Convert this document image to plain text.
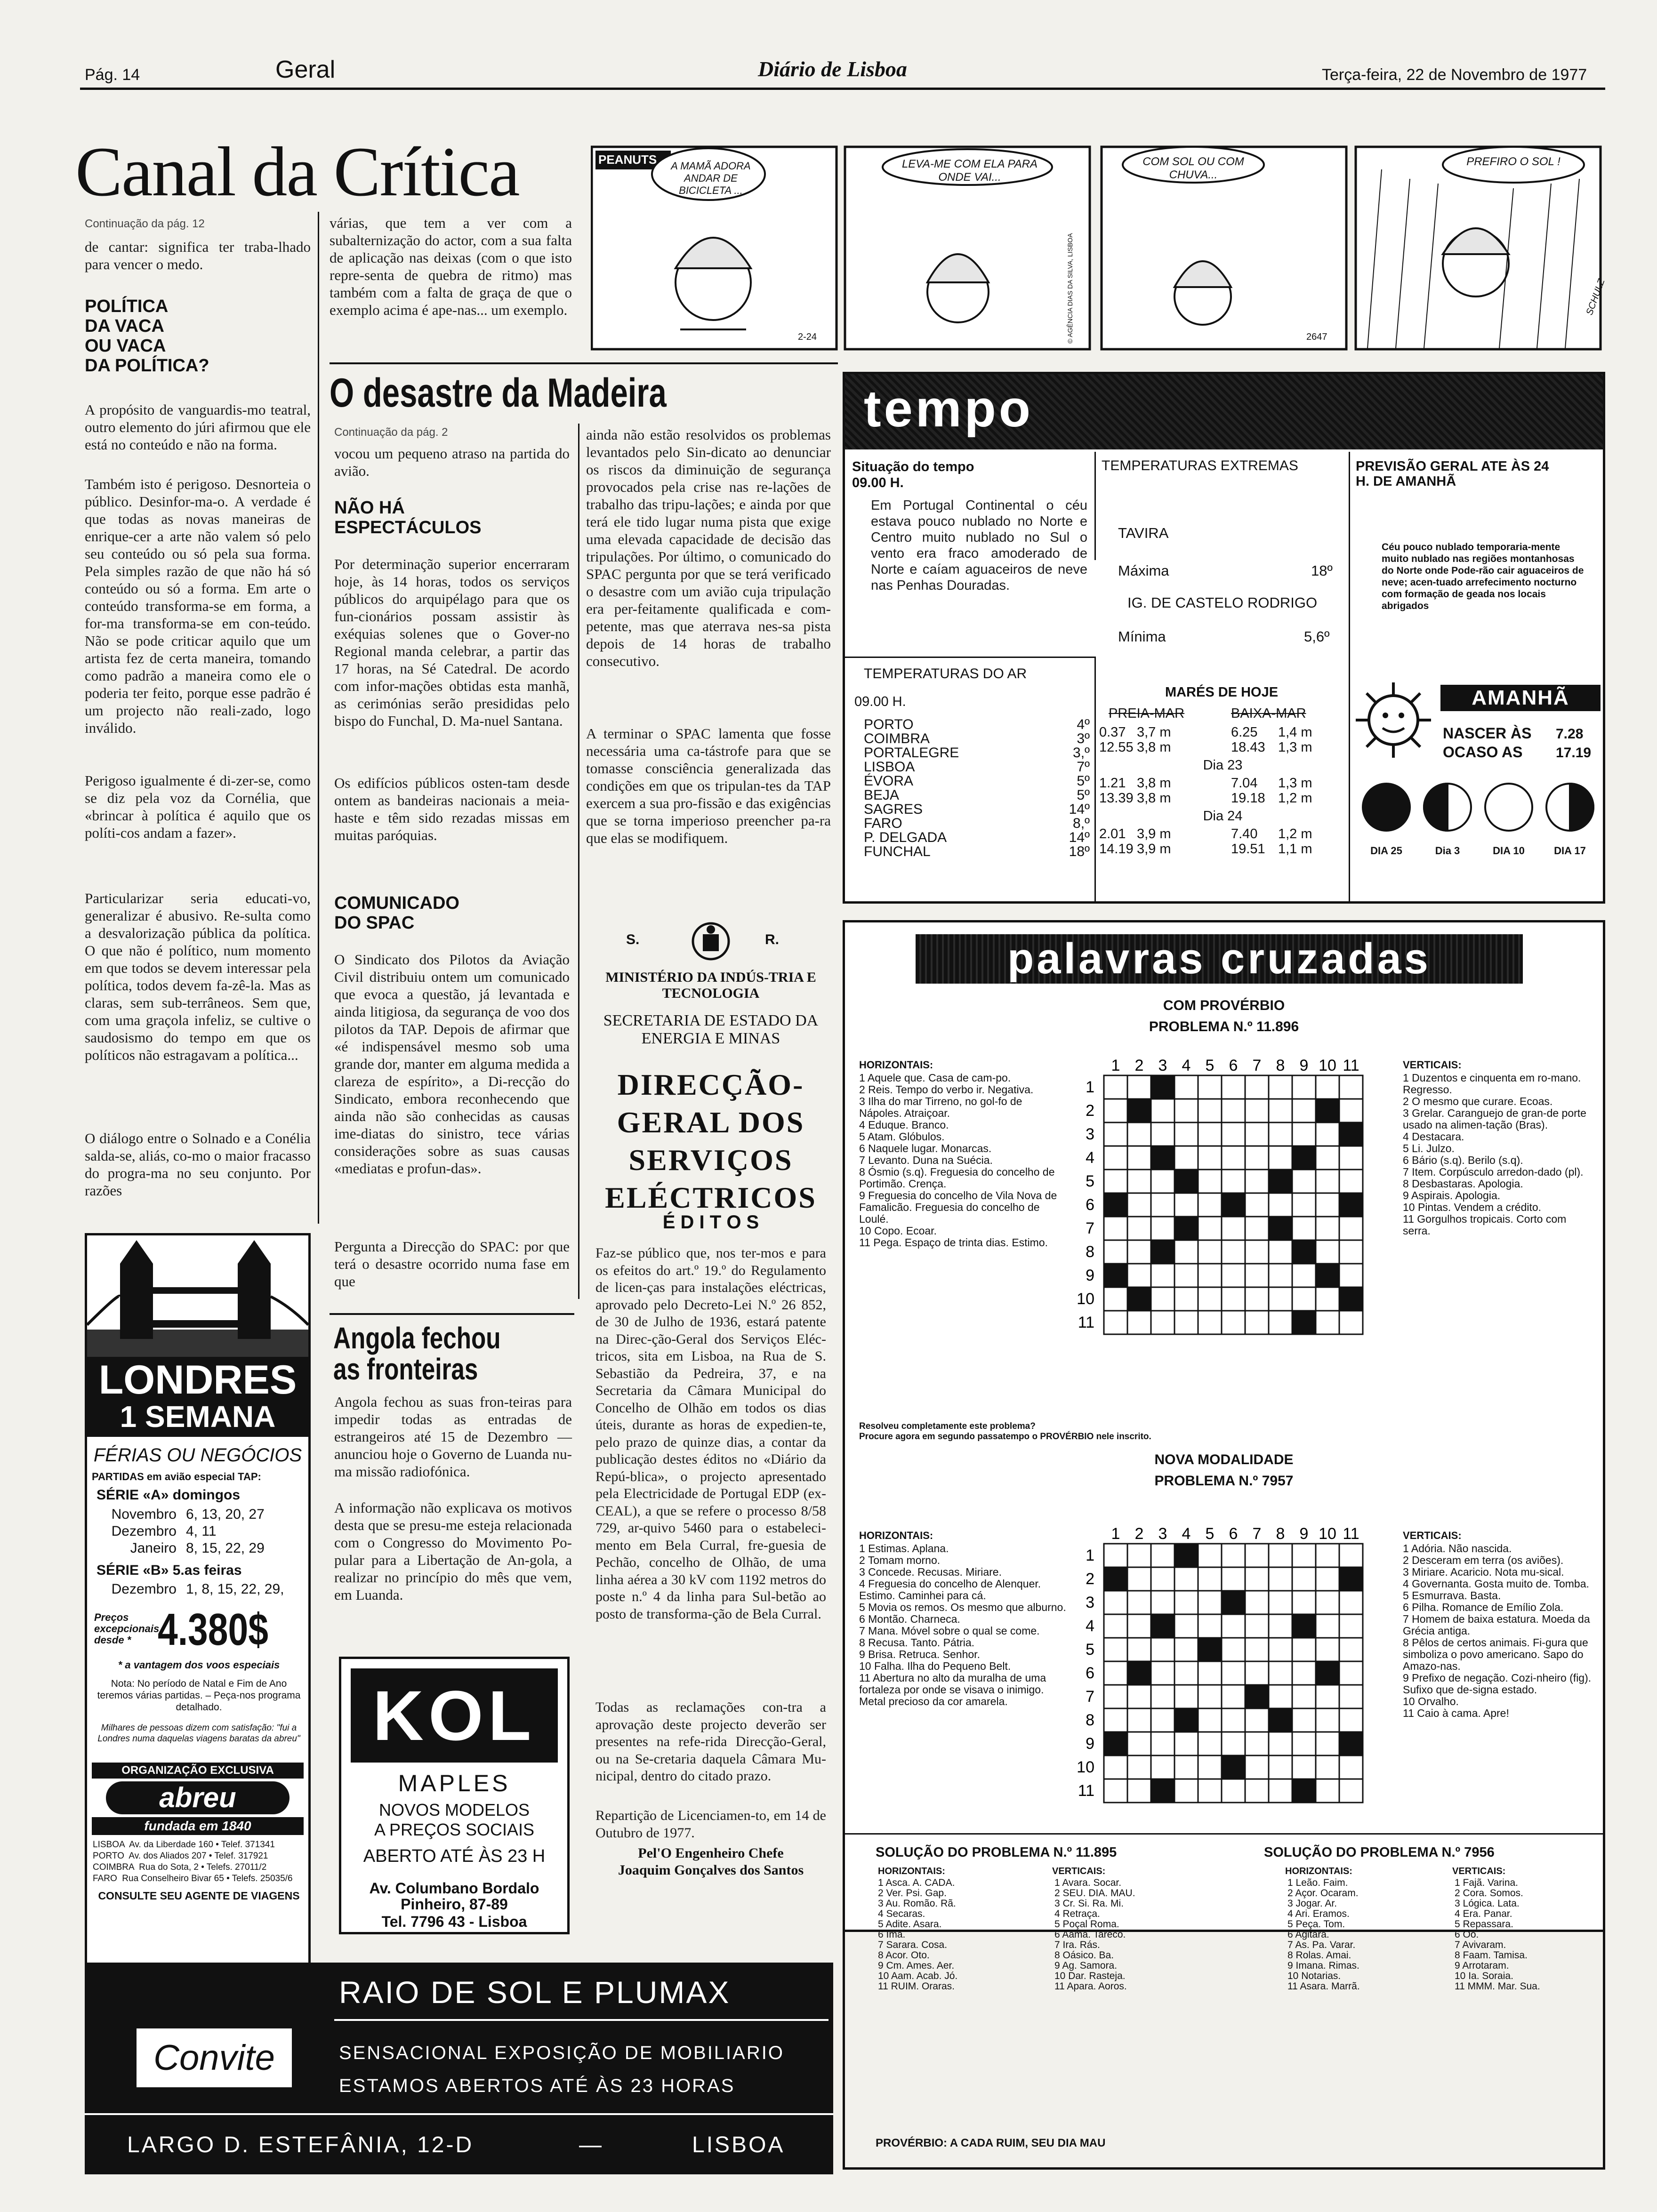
Pág. 14	Geral	Diário de Lisboa	Terça-feira, 22 de Novembro de 1977
Canal da Crítica
Continuação da pág. 12
de cantar: significa ter traba-lhado para vencer o medo.
POLÍTICA
DA VACA
OU VACA
DA POLÍTICA?
A propósito de vanguardis-mo teatral, outro elemento do júri afirmou que ele está no conteúdo e não na forma.
Também isto é perigoso. Desnorteia o público. Desinfor-ma-o. A verdade é que todas as novas maneiras de enrique-cer a arte não valem só pelo seu conteúdo ou só pela sua forma. Pela simples razão de que não há só conteúdo ou só a forma. Em arte o conteúdo transforma-se em forma, a for-ma transforma-se em con-teúdo. Não se pode criticar aquilo que um artista fez de certa maneira, tomando como padrão a maneira como ele o poderia ter feito, porque esse padrão é um projecto não reali-zado, logo inválido.
Perigoso igualmente é di-zer-se, como se diz pela voz da Cornélia, que «brincar à política é aquilo que os políti-cos andam a fazer».
Particularizar seria educati-vo, generalizar é abusivo. Re-sulta como a desvalorização pública da política. O que não é político, num momento em que todos se devem interessar pela política, todos devem fa-zê-la. Mas as claras, sem sub-terrâneos. Sem que, com uma graçola infeliz, se cultive o saudosismo do tempo em que os políticos não estragavam a política...
O diálogo entre o Solnado e a Conélia salda-se, aliás, co-mo o maior fracasso do progra-ma no seu conjunto. Por razões
várias, que tem a ver com a subalternização do actor, com a sua falta de aplicação nas deixas (com o que isto repre-senta de quebra de ritmo) mas também com a falta de graça de que o exemplo acima é ape-nas... um exemplo.
PEANUTS	A MAMÃ ADORA ANDAR DE BICICLETA ...
LEVA-ME COM ELA PARA ONDE VAI...
COM SOL OU COM CHUVA...
PREFIRO O SOL !
© AGÊNCIA DIAS DA SILVA, LISBOA
2-24	2647
SCHULZ
O desastre da Madeira
Continuação da pág. 2
vocou um pequeno atraso na partida do avião.
NÃO HÁ
ESPECTÁCULOS
Por determinação superior encerraram hoje, às 14 horas, todos os serviços públicos do arquipélago para que os fun-cionários possam assistir às exéquias solenes que o Gover-no Regional manda celebrar, a partir das 17 horas, na Sé Catedral. De acordo com infor-mações obtidas esta manhã, as cerimónias serão presididas pelo bispo do Funchal, D. Ma-nuel Santana.
Os edifícios públicos osten-tam desde ontem as bandeiras nacionais a meia-haste e têm sido rezadas missas em muitas paróquias.
COMUNICADO
DO SPAC
O Sindicato dos Pilotos da Aviação Civil distribuiu ontem um comunicado que evoca a questão, já levantada e ainda litigiosa, da segurança de voo dos pilotos da TAP. Depois de afirmar que «é indispensável mesmo sob uma grande dor, manter em alguma medida a clareza de espírito», a Di-recção do Sindicato, embora reconhecendo que ainda não são conhecidas as causas ime-diatas do sinistro, tece várias considerações sobre as suas causas «mediatas e profun-das».
Pergunta a Direcção do SPAC: por que terá o desastre ocorrido numa fase em que
ainda não estão resolvidos os problemas levantados pelo Sin-dicato ao denunciar os riscos da diminuição de segurança provocados pela crise nas re-lações de trabalho das tripu-lações; e ainda por que terá ele tido lugar numa pista que exige uma elevada capacidade de decisão das tripulações. Por último, o comunicado do SPAC pergunta por que se terá verificado o desastre com um avião cuja tripulação era per-feitamente qualificada e com-petente, mas que aterrava nes-sa pista depois de 14 horas de trabalho consecutivo.
A terminar o SPAC lamenta que fosse necessária uma ca-tástrofe para que se tomasse consciência generalizada das condições em que os tripulan-tes da TAP exercem a sua pro-fissão e das exigências que se torna imperioso preencher pa-ra que elas se modifiquem.
Angola fechou
as fronteiras
Angola fechou as suas fron-teiras para impedir todas as entradas de estrangeiros até 15 de Dezembro — anunciou hoje o Governo de Luanda nu-ma missão radiofónica.
A informação não explicava os motivos desta que se presu-me esteja relacionada com o Congresso do Movimento Po-pular para a Libertação de An-gola, a realizar no princípio do mês que vem, em Luanda.
KOL
MAPLES
NOVOS MODELOS
A PREÇOS SOCIAIS
ABERTO ATÉ ÀS 23 H
Av. Columbano Bordalo Pinheiro, 87-89
Tel. 7796 43 - Lisboa
S.	R.
MINISTÉRIO DA INDÚS-TRIA E TECNOLOGIA
SECRETARIA DE ESTADO DA ENERGIA E MINAS
DIRECÇÃO-GERAL DOS SERVIÇOS ELÉCTRICOS
É D I T O S
Faz-se público que, nos ter-mos e para os efeitos do art.º 19.º do Regulamento de licen-ças para instalações eléctricas, aprovado pelo Decreto-Lei N.º 26 852, de 30 de Julho de 1936, estará patente na Direc-ção-Geral dos Serviços Eléc-tricos, sita em Lisboa, na Rua de S. Sebastião da Pedreira, 37, e na Secretaria da Câmara Municipal do Concelho de Olhão em todos os dias úteis, durante as horas de expedien-te, pelo prazo de quinze dias, a contar da publicação destes éditos no «Diário da Repú-blica», o projecto apresentado pela Electricidade de Portugal EDP (ex-CEAL), a que se refere o processo 8/58 729, ar-quivo 5460 para o estabeleci-mento em Bela Curral, fre-guesia de Pechão, concelho de Olhão, de uma linha aérea a 30 kV com 1192 metros do poste n.º 4 da linha para Sul-betão ao posto de transforma-ção de Bela Curral.
Todas as reclamações con-tra a aprovação deste projecto deverão ser presentes na refe-rida Direcção-Geral, ou na Se-cretaria daquela Câmara Mu-nicipal, dentro do citado prazo.
Repartição de Licenciamen-to, em 14 de Outubro de 1977.
Pel'O Engenheiro Chefe
Joaquim Gonçalves dos Santos
LONDRES
1 SEMANA
FÉRIAS OU NEGÓCIOS
PARTIDAS em avião especial TAP:
SÉRIE «A» domingos
Novembro 6, 13, 20, 27
Dezembro 4, 11
Janeiro 8, 15, 22, 29
SÉRIE «B» 5.as feiras
Dezembro 1, 8, 15, 22, 29,
Preços excepcionais desde * 4.380$
* a vantagem dos voos especiais
Nota: No período de Natal e Fim de Ano teremos várias partidas. – Peça-nos programa detalhado.
Milhares de pessoas dizem com satisfação: "fui a Londres numa daquelas viagens baratas da abreu"
ORGANIZAÇÃO EXCLUSIVA
abreu
fundada em 1840
LISBOA  Av. da Liberdade 160 • Telef. 371341
PORTO  Av. dos Aliados 207 • Telef. 317921
COIMBRA  Rua do Sota, 2 • Telefs. 27011/2
FARO  Rua Conselheiro Bivar 65 • Telefs. 25035/6
CONSULTE SEU AGENTE DE VIAGENS
tempo
Situação do tempo
09.00 H.
Em Portugal Continental o céu estava pouco nublado no Norte e Centro muito nublado no Sul o vento era fraco amoderado de Norte e caíam aguaceiros de neve nas Penhas Douradas.
TEMPERATURAS EXTREMAS
TAVIRA
Máxima	18º
IG. DE CASTELO RODRIGO
Mínima	5,6º
PREVISÃO GERAL ATE ÀS 24 H. DE AMANHÃ
Céu pouco nublado temporaria-mente muito nublado nas regiões montanhosas do Norte onde Pode-rão cair aguaceiros de neve; acen-tuado arrefecimento nocturno com formação de geada nos locais abrigados
TEMPERATURAS DO AR
09.00 H.
PORTO	4º
COIMBRA	3º
PORTALEGRE	3,º
LISBOA	7º
ÉVORA	5º
BEJA	5º
SAGRES	14º
FARO	8,º
P. DELGADA	14º
FUNCHAL	18º
MARÉS DE HOJE
PREIA-MAR	BAIXA-MAR
0.37 3,7 m	6.25 1,4 m
12.55 3,8 m	18.43 1,3 m
Dia 23
1.21 3,8 m	7.04 1,3 m
13.39 3,8 m	19.18 1,2 m
Dia 24
2.01 3,9 m	7.40 1,2 m
14.19 3,9 m	19.51 1,1 m
AMANHÃ
NASCER ÀS 7.28
OCASO AS 17.19
DIA 25	Dia 3	DIA 10	DIA 17
palavras cruzadas
COM PROVÉRBIO
PROBLEMA N.º 11.896
HORIZONTAIS:
1 Aquele que. Casa de cam-po.
2 Reis. Tempo do verbo ir. Negativa.
3 Ilha do mar Tirreno, no gol-fo de Nápoles. Atraiçoar.
4 Eduque. Branco.
5 Atam. Glóbulos.
6 Naquele lugar. Monarcas.
7 Levanto. Duna na Suécia.
8 Ósmio (s.q). Freguesia do concelho de Portimão. Crença.
9 Freguesia do concelho de Vila Nova de Famalicão. Freguesia do concelho de Loulé.
10 Copo. Ecoar.
11 Pega. Espaço de trinta dias. Estimo.
VERTICAIS:
1 Duzentos e cinquenta em ro-mano. Regresso.
2 O mesmo que curare. Ecoas.
3 Grelar. Caranguejo de gran-de porte usado na alimen-tação (Bras).
4 Destacara.
5 Li. Julzo.
6 Bário (s.q). Berilo (s.q).
7 Item. Corpúsculo arredon-dado (pl).
8 Desbastaras. Apologia.
9 Aspirais. Apologia.
10 Pintas. Vendem a crédito.
11 Gorgulhos tropicais. Corto com serra.
1
1
2
2
3
3
4
4
5
5
6
6
7
7
8
8
9
9
10
10
11
11
Resolveu completamente este problema?
Procure agora em segundo passatempo o PROVÉRBIO nele inscrito.
NOVA MODALIDADE
PROBLEMA N.º 7957
HORIZONTAIS:
1 Estimas. Aplana.
2 Tomam morno.
3 Concede. Recusas. Miriare.
4 Freguesia do concelho de Alenquer. Estimo. Caminhei para cá.
5 Movia os remos. Os mesmo que alburno.
6 Montão. Charneca.
7 Mana. Móvel sobre o qual se come.
8 Recusa. Tanto. Pátria.
9 Brisa. Retruca. Senhor.
10 Falha. Ilha do Pequeno Belt.
11 Abertura no alto da muralha de uma fortaleza por onde se visava o inimigo. Metal precioso da cor amarela.
VERTICAIS:
1 Adória. Não nascida.
2 Desceram em terra (os aviões).
3 Miriare. Acaricio. Nota mu-sical.
4 Governanta. Gosta muito de. Tomba.
5 Esmurrava. Basta.
6 Pilha. Romance de Emílio Zola.
7 Homem de baixa estatura. Moeda da Grécia antiga.
8 Pêlos de certos animais. Fi-gura que simboliza o povo americano. Sapo do Amazo-nas.
9 Prefixo de negação. Cozi-nheiro (fig). Sufixo que de-signa estado.
10 Orvalho.
11 Caio à cama. Apre!
1
1
2
2
3
3
4
4
5
5
6
6
7
7
8
8
9
9
10
10
11
11
SOLUÇÃO DO PROBLEMA N.º 11.895	SOLUÇÃO DO PROBLEMA N.º 7956
HORIZONTAIS:	VERTICAIS:	HORIZONTAIS:	VERTICAIS:
1 Asca. A. CADA.
2 Ver. Psi. Gap.
3 Au. Romão. Rã.
4 Secaras.
5 Adite. Asara.
6 Imã.
7 Sarara. Cosa.
8 Acor. Oto.
9 Cm. Ames. Aer.
10 Aam. Acab. Jó.
11 RUIM. Oraras.
1 Avara. Socar.
2 SEU. DIA. MAU.
3 Cr. Si. Ra. Mi.
4 Retraça.
5 Poçal Roma.
6 Aama. Tareco.
7 Ira. Rás.
8 Oásico. Ba.
9 Ag. Samora.
10 Dar. Rasteja.
11 Apara. Aoros.
1 Leão. Faim.
2 Açor. Ocaram.
3 Jogar. Ar.
4 Ari. Eramos.
5 Peça. Tom.
6 Agitara.
7 As. Pa. Varar.
8 Rolas. Amai.
9 Imana. Rimas.
10 Notarias.
11 Asara. Marrã.
1 Fajã. Varina.
2 Cora. Somos.
3 Lógica. Lata.
4 Era. Panar.
5 Repassara.
6 Oó.
7 Avivaram.
8 Faam. Tamisa.
9 Arrotaram.
10 Ia. Soraia.
11 MMM. Mar. Sua.
PROVÉRBIO: A CADA RUIM, SEU DIA MAU
Convite
RAIO DE SOL E PLUMAX
SENSACIONAL EXPOSIÇÃO DE MOBILIARIO
ESTAMOS ABERTOS ATÉ ÀS 23 HORAS
LARGO D. ESTEFÂNIA, 12-D	—	LISBOA
